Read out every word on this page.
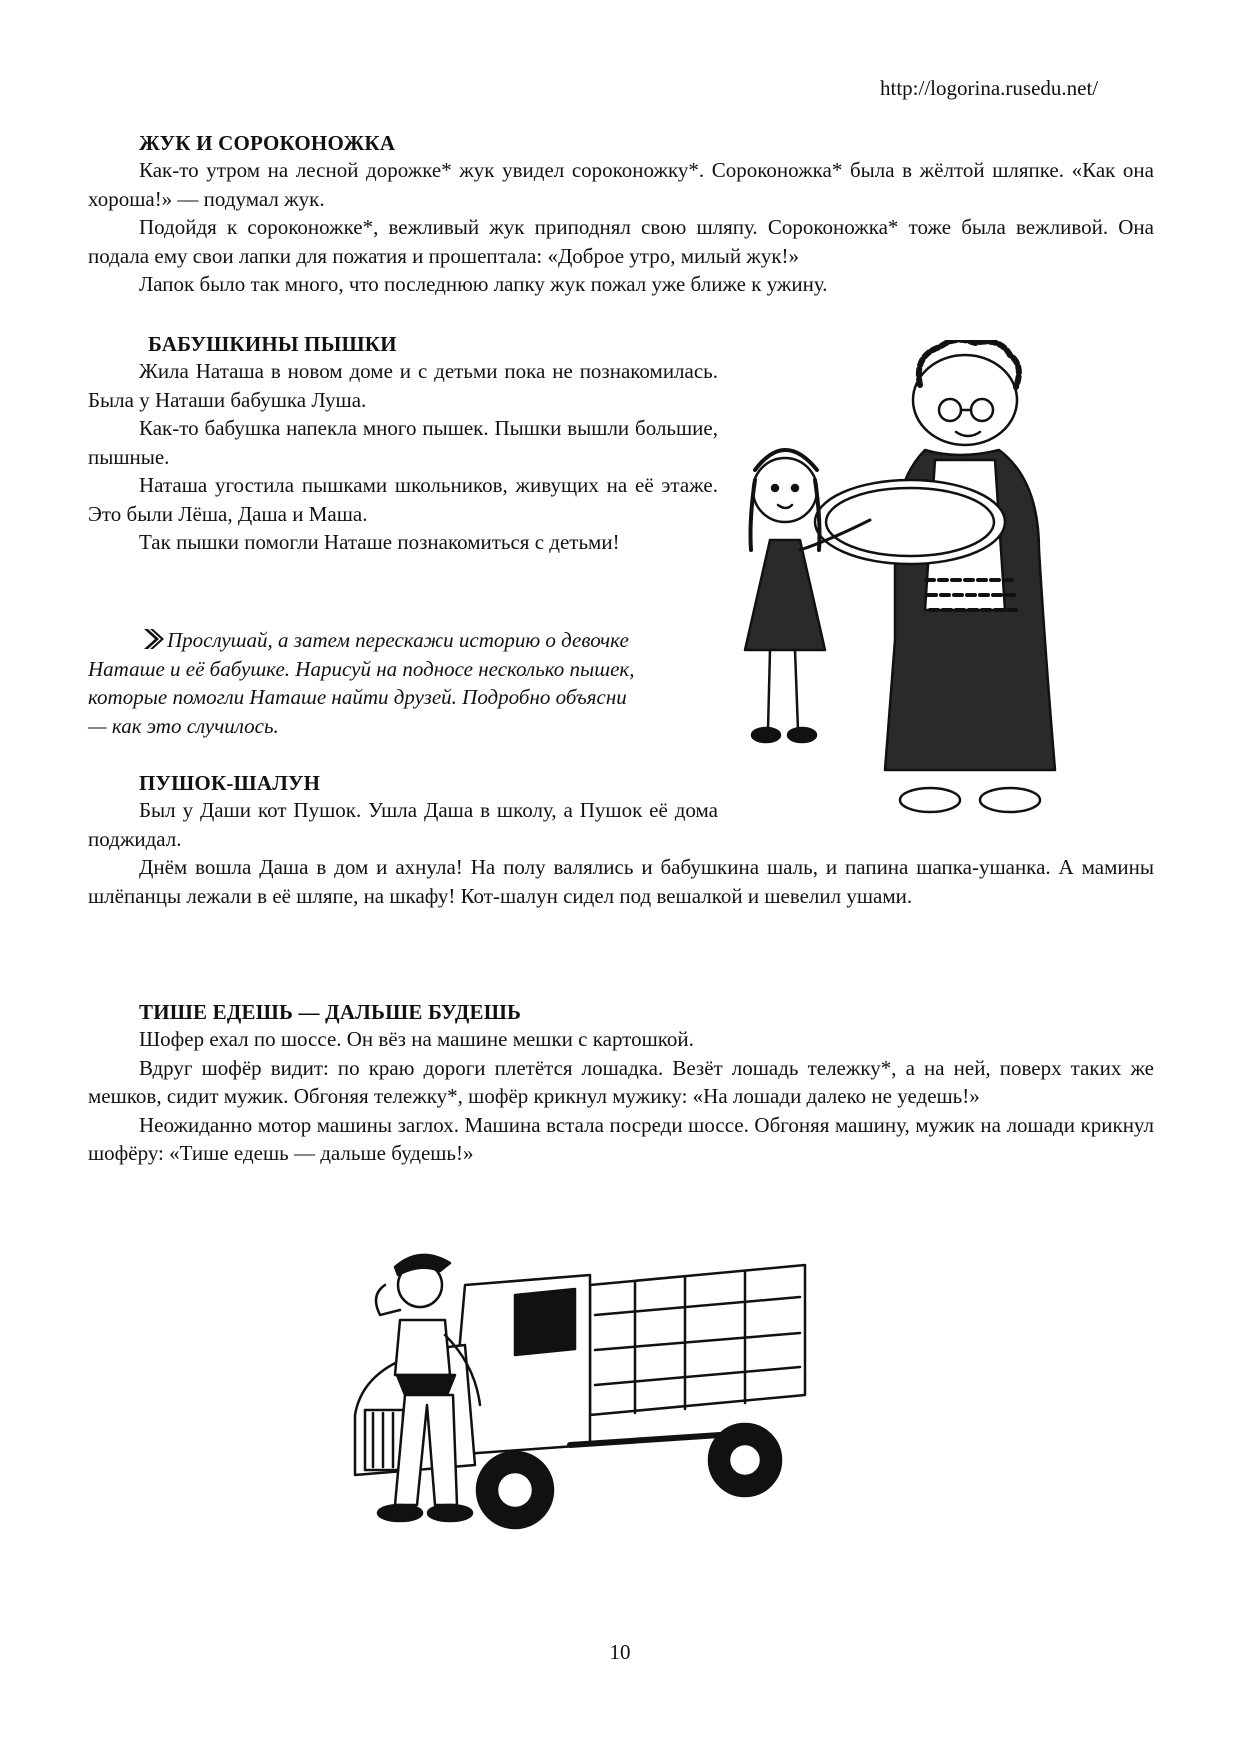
http://logorina.rusedu.net/
ЖУК И СОРОКОНОЖКА

Как-то утром на лесной дорожке* жук увидел сороконожку*. Сороконожка* была в жёлтой шляпке. «Как она хороша!» — подумал жук.

Подойдя к сороконожке*, вежливый жук приподнял свою шляпу. Сороконожка* тоже была вежливой. Она подала ему свои лапки для пожатия и прошептала: «Доброе утро, милый жук!»

Лапок было так много, что последнюю лапку жук пожал уже ближе к ужину.

БАБУШКИНЫ ПЫШКИ

Жила Наташа в новом доме и с детьми пока не познакомилась. Была у Наташи бабушка Луша.

Как-то бабушка напекла много пышек. Пышки вышли большие, пышные.

Наташа угостила пышками школьников, живущих на её этаже. Это были Лёша, Даша и Маша.

Так пышки помогли Наташе познакомиться с детьми!

Прослушай, а затем перескажи историю о девочке Наташе и её бабушке. Нарисуй на подносе несколько пышек, которые помогли Наташе найти друзей. Подробно объясни — как это случилось.
ПУШОК-ШАЛУН

Был у Даши кот Пушок. Ушла Даша в школу, а Пушок её дома поджидал.

Днём вошла Даша в дом и ахнула! На полу валялись и бабушкина шаль, и папина шапка-ушанка. А мамины шлёпанцы лежали в её шляпе, на шкафу! Кот-шалун сидел под вешалкой и шевелил ушами.

ТИШЕ ЕДЕШЬ — ДАЛЬШЕ БУДЕШЬ

Шофер ехал по шоссе. Он вёз на машине мешки с картошкой.

Вдруг шофёр видит: по краю дороги плетётся лошадка. Везёт лошадь тележку*, а на ней, поверх таких же мешков, сидит мужик. Обгоняя тележку*, шофёр крикнул мужику: «На лошади далеко не уедешь!»

Неожиданно мотор машины заглох. Машина встала посреди шоссе. Обгоняя машину, мужик на лошади крикнул шофёру: «Тише едешь — дальше будешь!»

10
